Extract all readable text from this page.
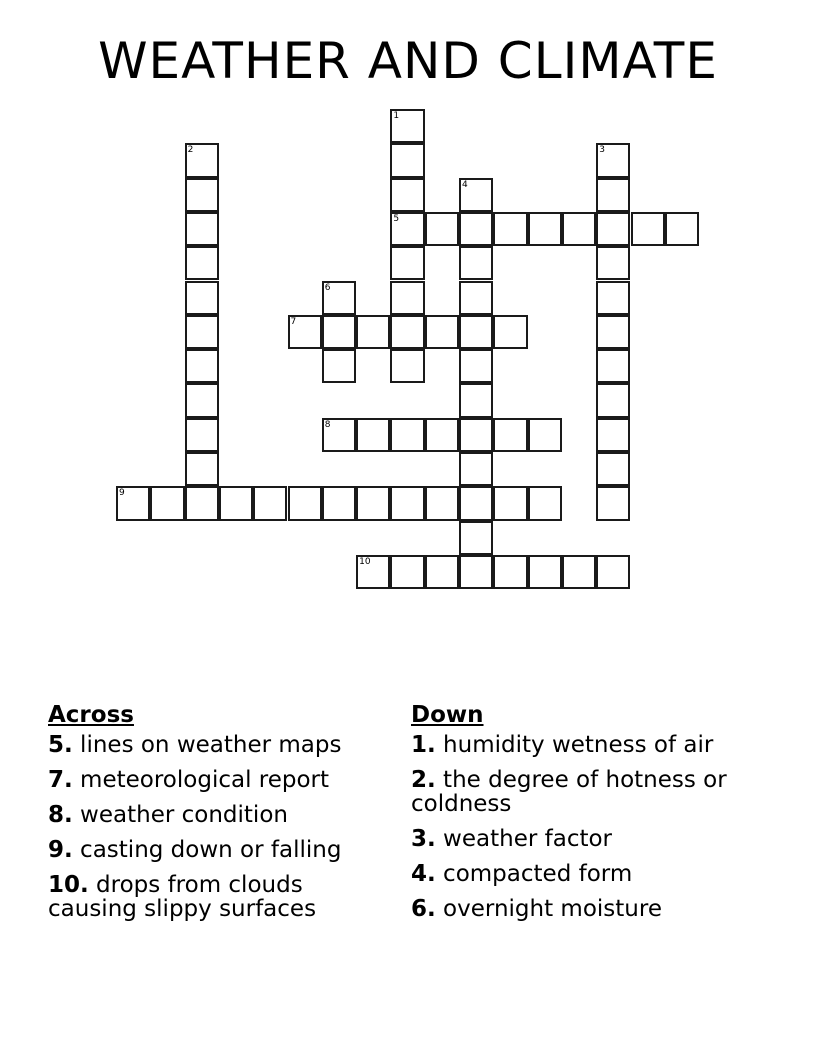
WEATHER AND CLIMATE
1
5
2	3
4
6
7
8
9
10
Across
5. lines on weather maps
7. meteorological report
8. weather condition
9. casting down or falling
10. drops from clouds causing slippy surfaces
Down
1. humidity wetness of air
2. the degree of hotness or coldness
3. weather factor
4. compacted form
6. overnight moisture
